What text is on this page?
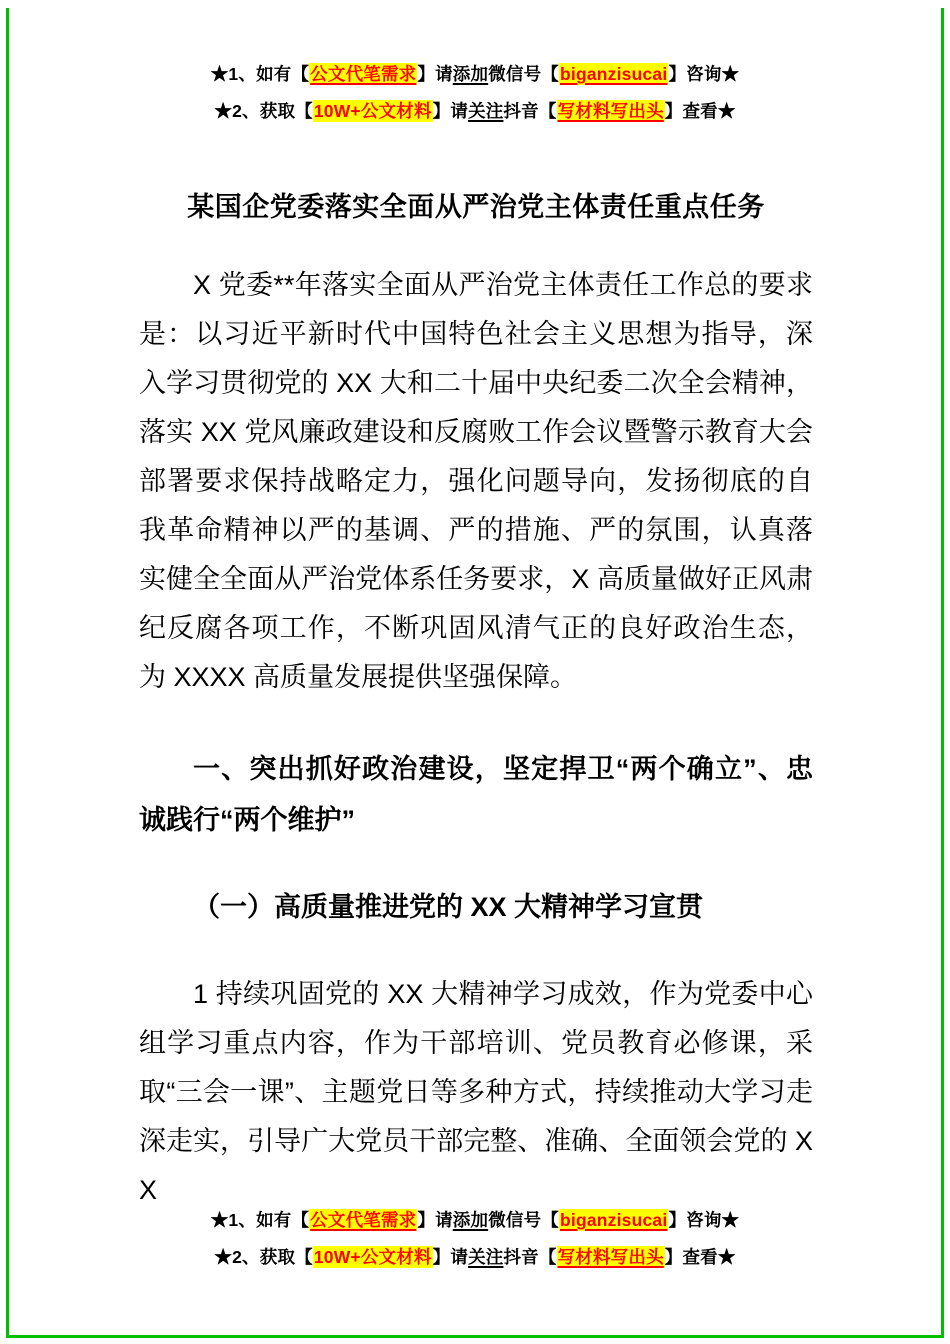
★1、如有【公文代笔需求】请添加微信号【biganzisucai】咨询★
★2、获取【10W+公文材料】请关注抖音【写材料写出头】查看★
某国企党委落实全面从严治党主体责任重点任务
X 党委**年落实全面从严治党主体责任工作总的要求是：以习近平新时代中国特色社会主义思想为指导，深入学习贯彻党的 XX 大和二十届中央纪委二次全会精神，落实 XX 党风廉政建设和反腐败工作会议暨警示教育大会部署要求保持战略定力，强化问题导向，发扬彻底的自我革命精神以严的基调、严的措施、严的氛围，认真落实健全全面从严治党体系任务要求，X 高质量做好正风肃纪反腐各项工作，不断巩固风清气正的良好政治生态，为 XXXX 高质量发展提供坚强保障。
一、突出抓好政治建设，坚定捍卫“两个确立”、忠诚践行“两个维护”
（一）高质量推进党的 XX 大精神学习宣贯
1 持续巩固党的 XX 大精神学习成效，作为党委中心组学习重点内容，作为干部培训、党员教育必修课，采取“三会一课”、主题党日等多种方式，持续推动大学习走深走实，引导广大党员干部完整、准确、全面领会党的 XX
★1、如有【公文代笔需求】请添加微信号【biganzisucai】咨询★
★2、获取【10W+公文材料】请关注抖音【写材料写出头】查看★
